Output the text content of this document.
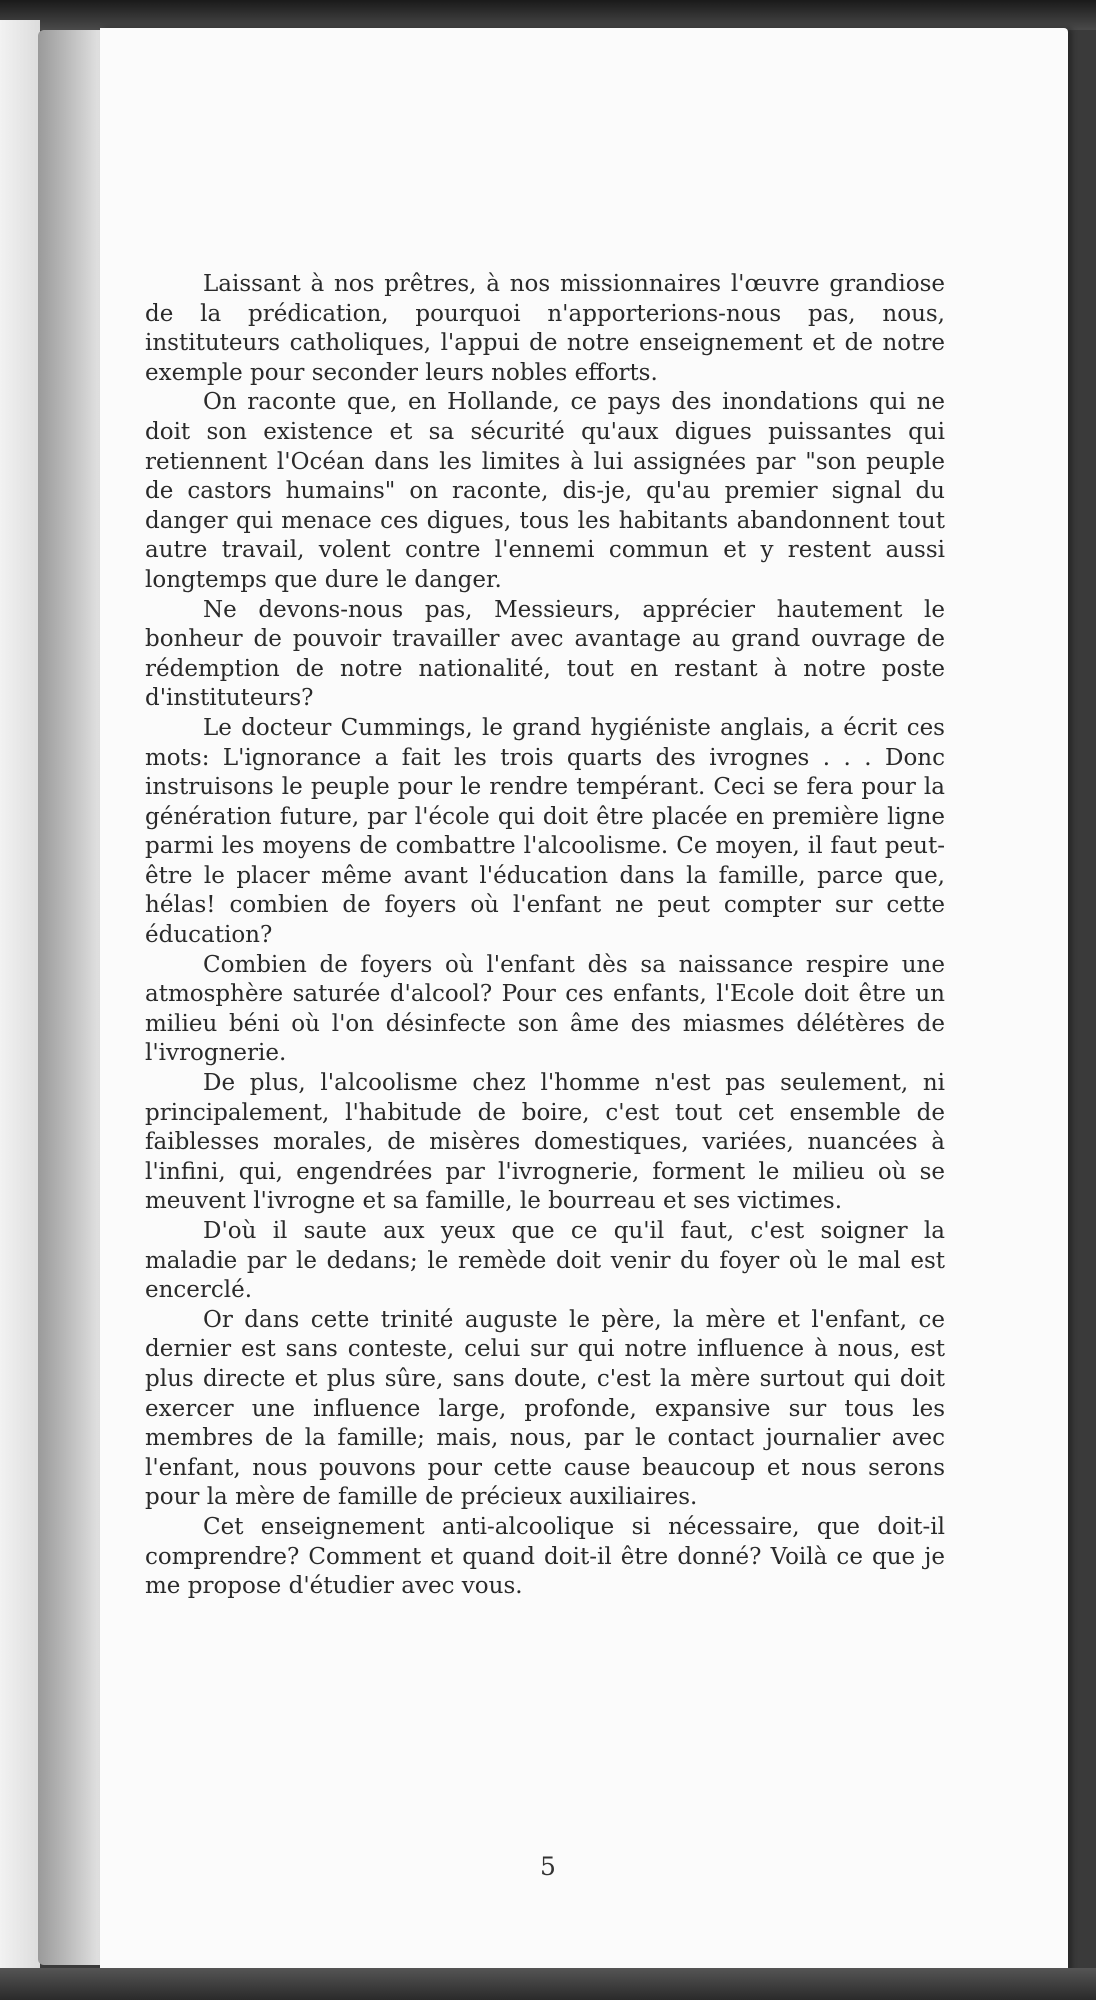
Laissant à nos prêtres, à nos missionnaires l'œuvre grandiose de la prédication, pourquoi n'apporterions-nous pas, nous, instituteurs catholiques, l'appui de notre enseignement et de notre exemple pour seconder leurs nobles efforts.

On raconte que, en Hollande, ce pays des inondations qui ne doit son existence et sa sécurité qu'aux digues puissantes qui retiennent l'Océan dans les limites à lui assignées par "son peuple de castors humains" on raconte, dis-je, qu'au premier signal du danger qui menace ces digues, tous les habitants abandonnent tout autre travail, volent contre l'ennemi commun et y restent aussi longtemps que dure le danger.

Ne devons-nous pas, Messieurs, apprécier hautement le bonheur de pouvoir travailler avec avantage au grand ouvrage de rédemption de notre nationalité, tout en restant à notre poste d'instituteurs?

Le docteur Cummings, le grand hygiéniste anglais, a écrit ces mots: L'ignorance a fait les trois quarts des ivrognes . . . Donc instruisons le peuple pour le rendre tempérant. Ceci se fera pour la génération future, par l'école qui doit être placée en première ligne parmi les moyens de combattre l'alcoolisme. Ce moyen, il faut peut-être le placer même avant l'éducation dans la famille, parce que, hélas! combien de foyers où l'enfant ne peut compter sur cette éducation?

Combien de foyers où l'enfant dès sa naissance respire une atmosphère saturée d'alcool? Pour ces enfants, l'Ecole doit être un milieu béni où l'on désinfecte son âme des miasmes délétères de l'ivrognerie.

De plus, l'alcoolisme chez l'homme n'est pas seulement, ni principalement, l'habitude de boire, c'est tout cet ensemble de faiblesses morales, de misères domestiques, variées, nuancées à l'infini, qui, engendrées par l'ivrognerie, forment le milieu où se meuvent l'ivrogne et sa famille, le bourreau et ses victimes.

D'où il saute aux yeux que ce qu'il faut, c'est soigner la maladie par le dedans; le remède doit venir du foyer où le mal est encerclé.

Or dans cette trinité auguste le père, la mère et l'enfant, ce dernier est sans conteste, celui sur qui notre influence à nous, est plus directe et plus sûre, sans doute, c'est la mère surtout qui doit exercer une influence large, profonde, expansive sur tous les membres de la famille; mais, nous, par le contact journalier avec l'enfant, nous pouvons pour cette cause beaucoup et nous serons pour la mère de famille de précieux auxiliaires.

Cet enseignement anti-alcoolique si nécessaire, que doit-il comprendre? Comment et quand doit-il être donné? Voilà ce que je me propose d'étudier avec vous.

5
